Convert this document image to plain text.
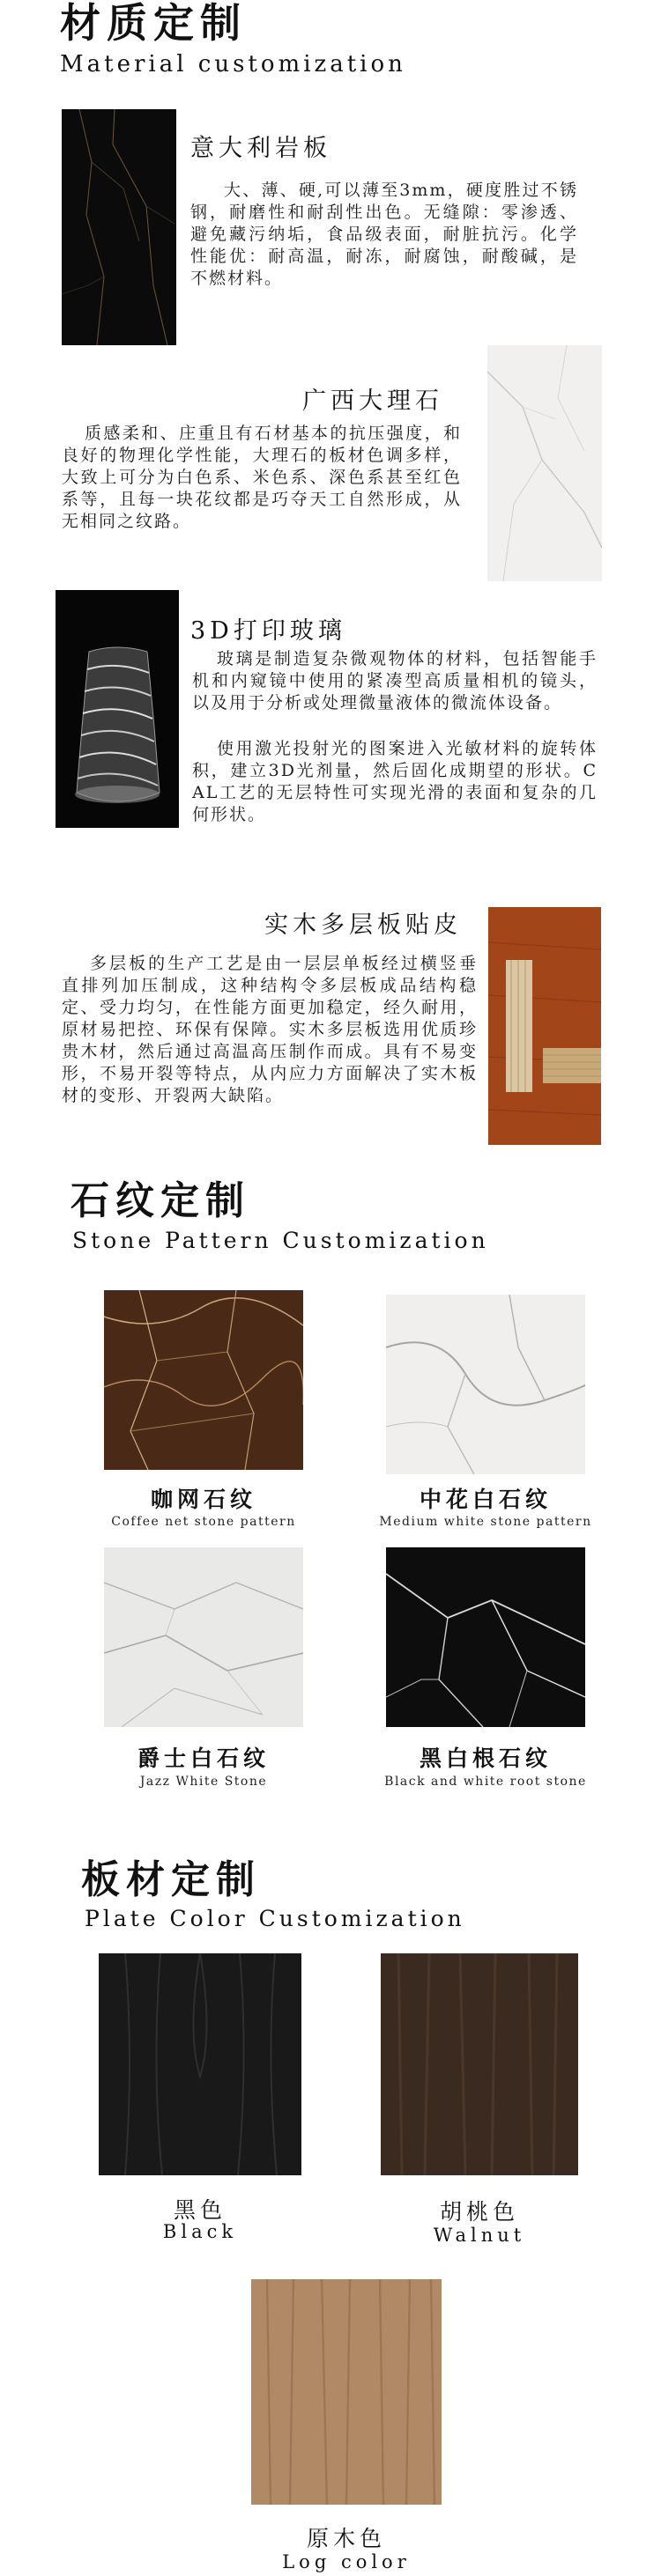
材质定制
Material customization
意大利岩板

大、薄、硬,可以薄至3mm，硬度胜过不锈钢，耐磨性和耐刮性出色。无缝隙：零渗透、避免藏污纳垢，食品级表面，耐脏抗污。化学性能优：耐高温，耐冻，耐腐蚀，耐酸碱，是不燃材料。

广西大理石

质感柔和、庄重且有石材基本的抗压强度，和良好的物理化学性能，大理石的板材色调多样，大致上可分为白色系、米色系、深色系甚至红色系等，且每一块花纹都是巧夺天工自然形成，从无相同之纹路。

3D打印玻璃

玻璃是制造复杂微观物体的材料，包括智能手机和内窥镜中使用的紧凑型高质量相机的镜头，以及用于分析或处理微量液体的微流体设备。

使用激光投射光的图案进入光敏材料的旋转体积，建立3D光剂量，然后固化成期望的形状。CAL工艺的无层特性可实现光滑的表面和复杂的几何形状。

实木多层板贴皮

多层板的生产工艺是由一层层单板经过横竖垂直排列加压制成，这种结构令多层板成品结构稳定、受力均匀，在性能方面更加稳定，经久耐用，原材易把控、环保有保障。实木多层板选用优质珍贵木材，然后通过高温高压制作而成。具有不易变形，不易开裂等特点，从内应力方面解决了实木板材的变形、开裂两大缺陷。

石纹定制
Stone Pattern Customization
咖网石纹
Coffee net stone pattern
中花白石纹
Medium white stone pattern
爵士白石纹
Jazz White Stone
黑白根石纹
Black and white root stone
板材定制
Plate Color Customization
黑色
Black
胡桃色
Walnut
原木色
Log color
